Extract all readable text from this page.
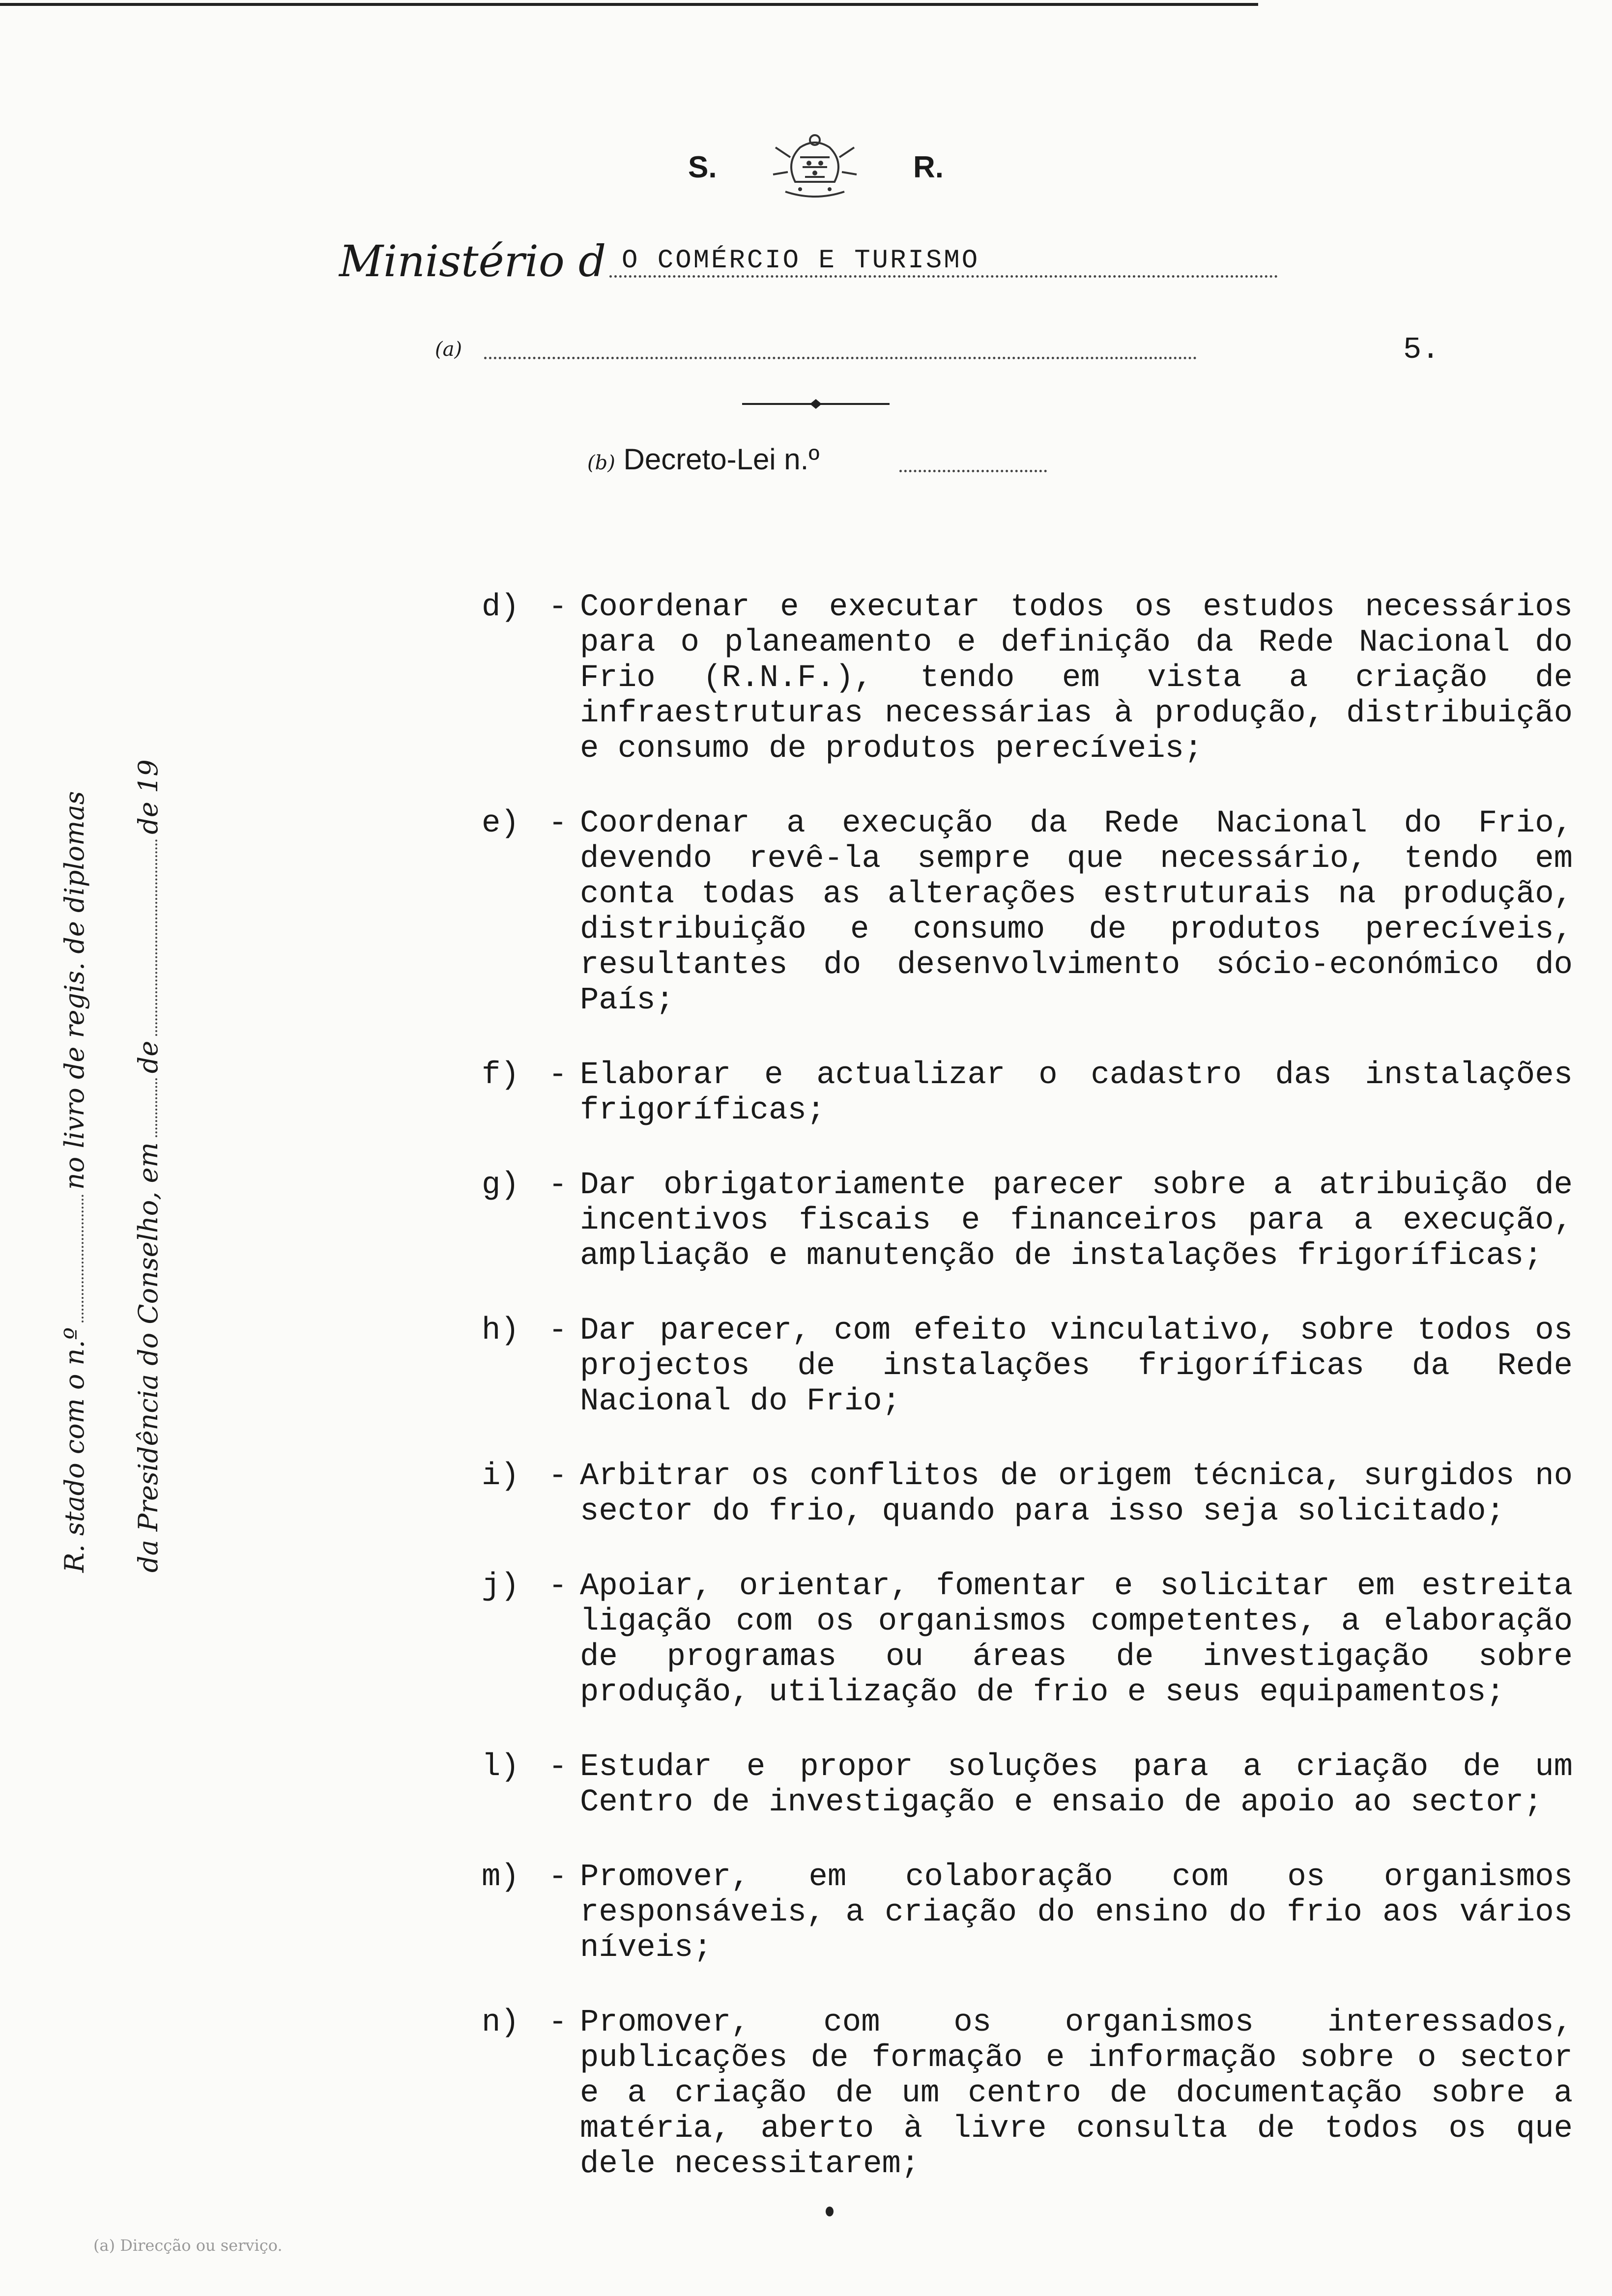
S.	R.
Ministério d O COMÉRCIO E TURISMO
(a)	5.
(b) Decreto-Lei n.º
R. stado com o n.º
no livro de regis. de diplomas
da Presidência do Conselho, em
de
de 19
d) - Coordenar e executar todos os estudos necessários para o planeamento e definição da Rede Nacional do Frio (R.N.F.), tendo em vista a criação de infraestruturas necessárias à produção, distribuição e consumo de produtos perecíveis;
e) - Coordenar a execução da Rede Nacional do Frio, devendo revê-la sempre que necessário, tendo em conta todas as alterações estruturais na produção, distribuição e consumo de produtos perecíveis, resultantes do desenvolvimento sócio-económico do País;
f) - Elaborar e actualizar o cadastro das instalações frigoríficas;
g) - Dar obrigatoriamente parecer sobre a atribuição de incentivos fiscais e financeiros para a execução, ampliação e manutenção de instalações frigoríficas;
h) - Dar parecer, com efeito vinculativo, sobre todos os projectos de instalações frigoríficas da Rede Nacional do Frio;
i) - Arbitrar os conflitos de origem técnica, surgidos no sector do frio, quando para isso seja solicitado;
j) - Apoiar, orientar, fomentar e solicitar em estreita ligação com os organismos competentes, a elaboração de programas ou áreas de investigação sobre produção, utilização de frio e seus equipamentos;
l) - Estudar e propor soluções para a criação de um Centro de investigação e ensaio de apoio ao sector;
m) - Promover, em colaboração com os organismos responsáveis, a criação do ensino do frio aos vários níveis;
n) - Promover, com os organismos interessados, publicações de formação e informação sobre o sector e a criação de um centro de documentação sobre a matéria, aberto à livre consulta de todos os que dele necessitarem;
(a) Direcção ou serviço.
